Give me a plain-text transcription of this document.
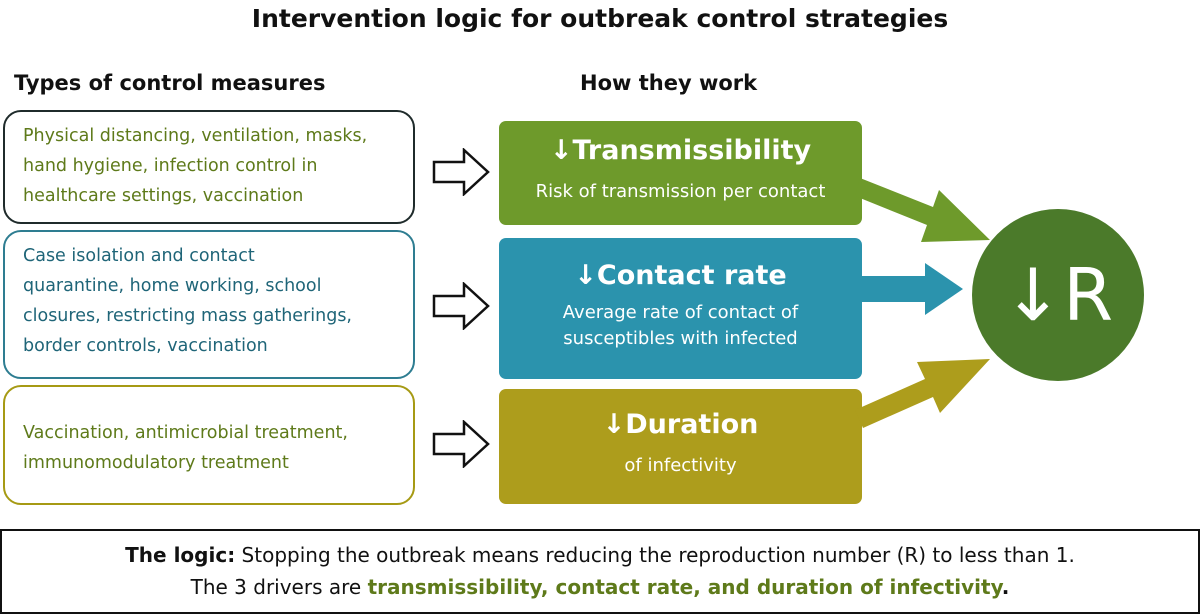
Intervention logic for outbreak control strategies
Types of control measures	How they work
Physical distancing, ventilation, masks,
hand hygiene, infection control in
healthcare settings, vaccination
Case isolation and contact
quarantine, home working, school
closures, restricting mass gatherings,
border controls, vaccination
Vaccination, antimicrobial treatment,
immunomodulatory treatment
↓Transmissibility
Risk of transmission per contact
↓Contact rate
Average rate of contact of
susceptibles with infected
↓Duration
of infectivity
↓R
The logic: Stopping the outbreak means reducing the reproduction number (R) to less than 1.
The 3 drivers are transmissibility, contact rate, and duration of infectivity.
